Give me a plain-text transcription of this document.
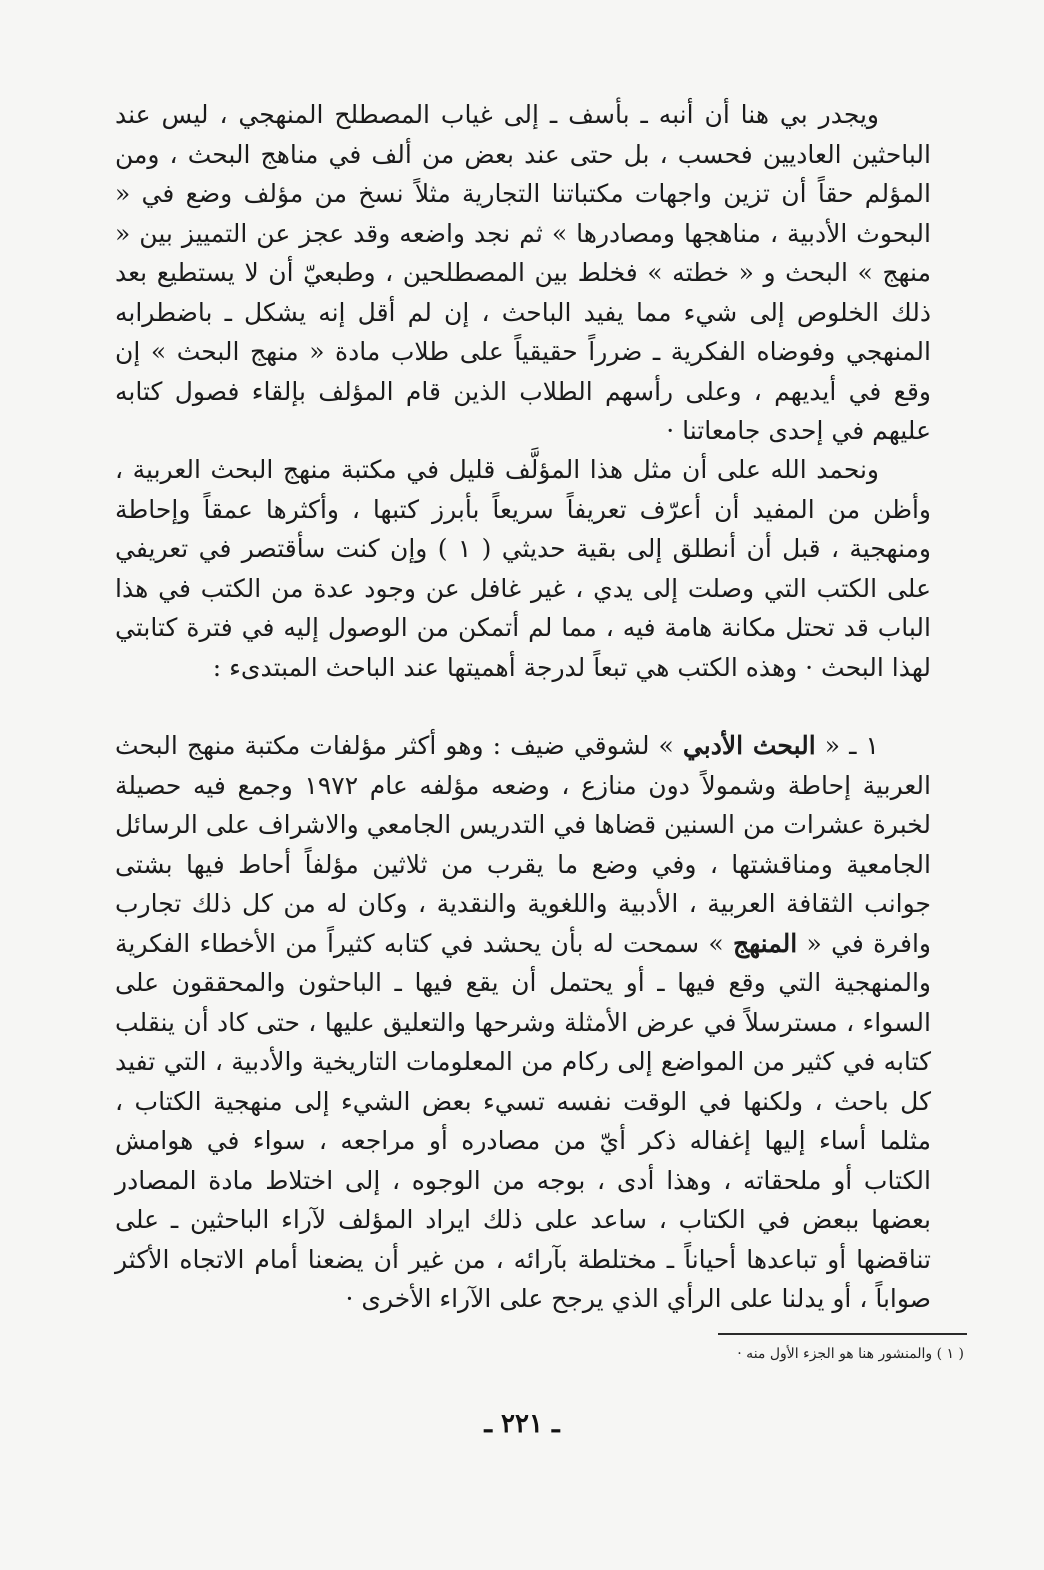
ويجدر بي هنا أن أنبه ـ بأسف ـ إلى غياب المصطلح المنهجي ، ليس عند الباحثين العاديين فحسب ، بل حتى عند بعض من ألف في مناهج البحث ، ومن المؤلم حقاً أن تزين واجهات مكتباتنا التجارية مثلاً نسخ من مؤلف وضع في « البحوث الأدبية ، مناهجها ومصادرها » ثم نجد واضعه وقد عجز عن التمييز بين « منهج » البحث و « خطته » فخلط بين المصطلحين ، وطبعيّ أن لا يستطيع بعد ذلك الخلوص إلى شيء مما يفيد الباحث ، إن لم أقل إنه يشكل ـ باضطرابه المنهجي وفوضاه الفكرية ـ ضرراً حقيقياً على طلاب مادة « منهج البحث » إن وقع في أيديهم ، وعلى رأسهم الطلاب الذين قام المؤلف بإلقاء فصول كتابه عليهم في إحدى جامعاتنا ·

ونحمد الله على أن مثل هذا المؤلَّف قليل في مكتبة منهج البحث العربية ، وأظن من المفيد أن أعرّف تعريفاً سريعاً بأبرز كتبها ، وأكثرها عمقاً وإحاطة ومنهجية ، قبل أن أنطلق إلى بقية حديثي ( ١ ) وإن كنت سأقتصر في تعريفي على الكتب التي وصلت إلى يدي ، غير غافل عن وجود عدة من الكتب في هذا الباب قد تحتل مكانة هامة فيه ، مما لم أتمكن من الوصول إليه في فترة كتابتي لهذا البحث · وهذه الكتب هي تبعاً لدرجة أهميتها عند الباحث المبتدىء :

١ ـ « البحث الأدبي » لشوقي ضيف : وهو أكثر مؤلفات مكتبة منهج البحث العربية إحاطة وشمولاً دون منازع ، وضعه مؤلفه عام ١٩٧٢ وجمع فيه حصيلة لخبرة عشرات من السنين قضاها في التدريس الجامعي والاشراف على الرسائل الجامعية ومناقشتها ، وفي وضع ما يقرب من ثلاثين مؤلفاً أحاط فيها بشتى جوانب الثقافة العربية ، الأدبية واللغوية والنقدية ، وكان له من كل ذلك تجارب وافرة في « المنهج » سمحت له بأن يحشد في كتابه كثيراً من الأخطاء الفكرية والمنهجية التي وقع فيها ـ أو يحتمل أن يقع فيها ـ الباحثون والمحققون على السواء ، مسترسلاً في عرض الأمثلة وشرحها والتعليق عليها ، حتى كاد أن ينقلب كتابه في كثير من المواضع إلى ركام من المعلومات التاريخية والأدبية ، التي تفيد كل باحث ، ولكنها في الوقت نفسه تسيء بعض الشيء إلى منهجية الكتاب ، مثلما أساء إليها إغفاله ذكر أيّ من مصادره أو مراجعه ، سواء في هوامش الكتاب أو ملحقاته ، وهذا أدى ، بوجه من الوجوه ، إلى اختلاط مادة المصادر بعضها ببعض في الكتاب ، ساعد على ذلك ايراد المؤلف لآراء الباحثين ـ على تناقضها أو تباعدها أحياناً ـ مختلطة بآرائه ، من غير أن يضعنا أمام الاتجاه الأكثر صواباً ، أو يدلنا على الرأي الذي يرجح على الآراء الأخرى ·

( ١ ) والمنشور هنا هو الجزء الأول منه ·
ـ ٢٢١ ـ
